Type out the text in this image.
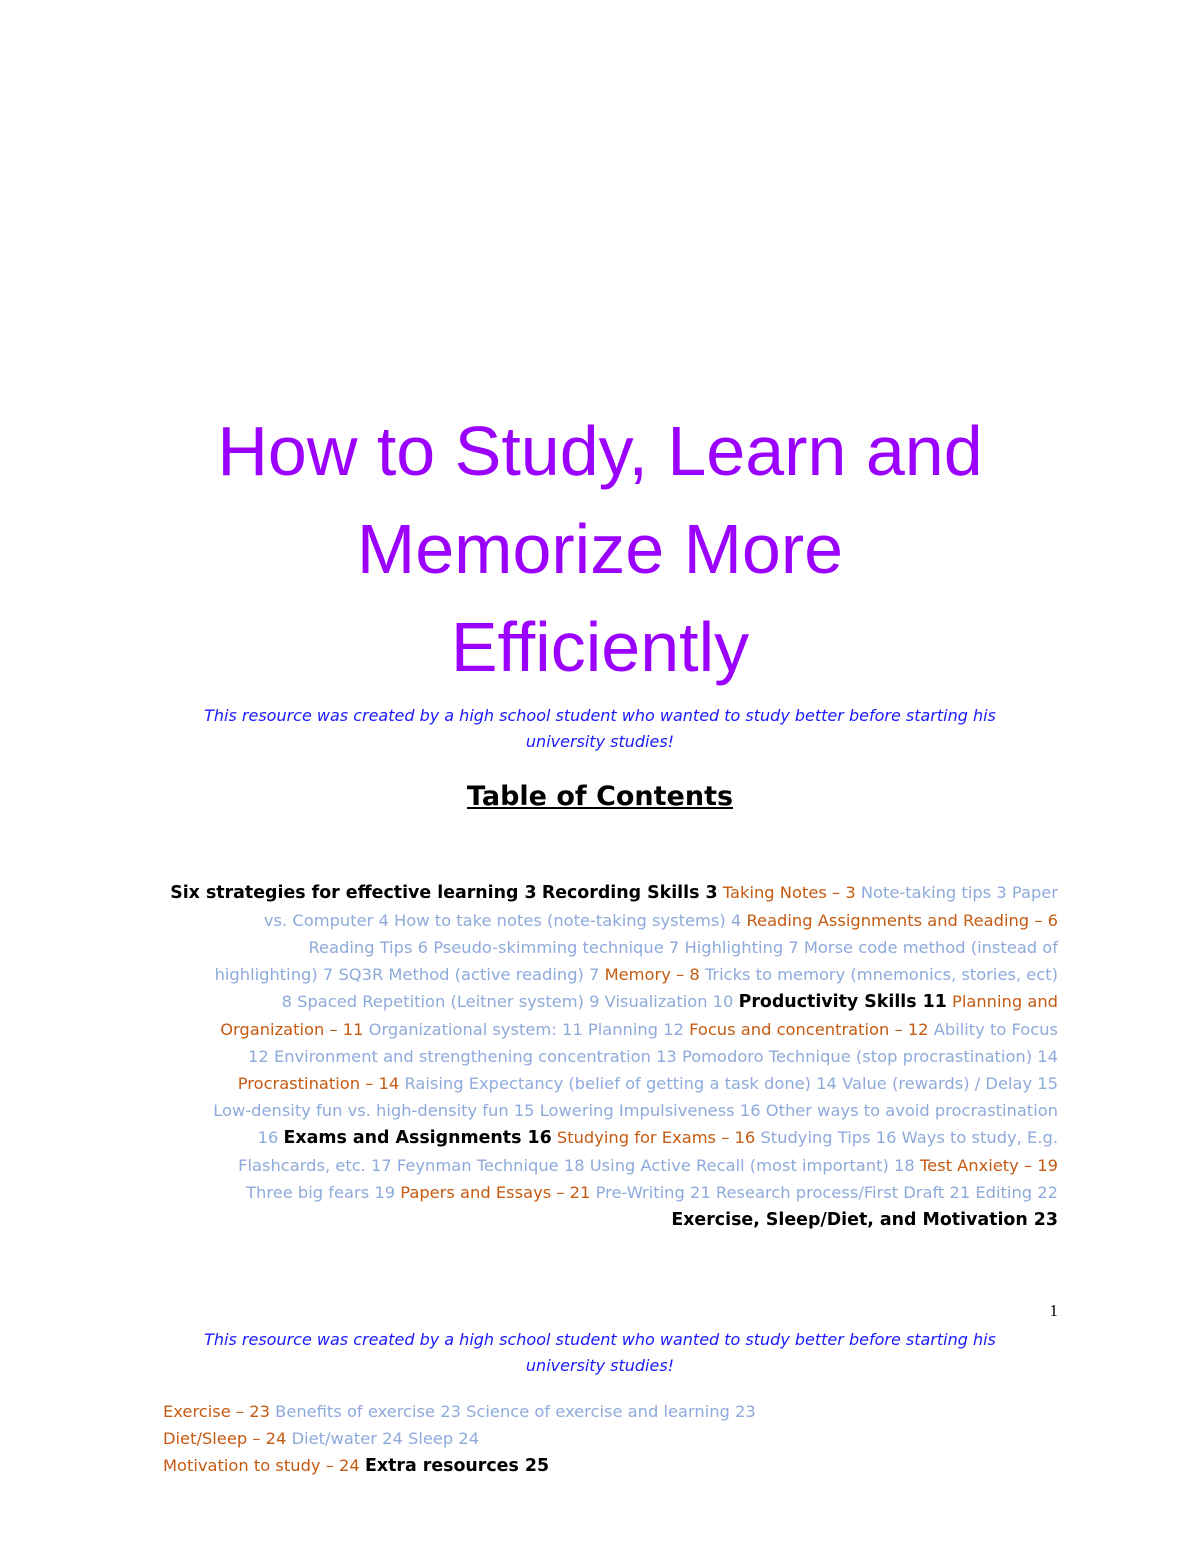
How to Study, Learn and
Memorize More
Efficiently

This resource was created by a high school student who wanted to study better before starting his
university studies!

Table of Contents
Six strategies for effective learning 3 Recording Skills 3 Taking Notes – 3 Note-taking tips 3 Paper
vs. Computer 4 How to take notes (note-taking systems) 4 Reading Assignments and Reading – 6
Reading Tips 6 Pseudo-skimming technique 7 Highlighting 7 Morse code method (instead of
highlighting) 7 SQ3R Method (active reading) 7 Memory – 8 Tricks to memory (mnemonics, stories, ect)
8 Spaced Repetition (Leitner system) 9 Visualization 10 Productivity Skills 11 Planning and
Organization – 11 Organizational system: 11 Planning 12 Focus and concentration – 12 Ability to Focus
12 Environment and strengthening concentration 13 Pomodoro Technique (stop procrastination) 14
Procrastination – 14 Raising Expectancy (belief of getting a task done) 14 Value (rewards) / Delay 15
Low-density fun vs. high-density fun 15 Lowering Impulsiveness 16 Other ways to avoid procrastination
16 Exams and Assignments 16 Studying for Exams – 16 Studying Tips 16 Ways to study, E.g.
Flashcards, etc. 17 Feynman Technique 18 Using Active Recall (most important) 18 Test Anxiety – 19
Three big fears 19 Papers and Essays – 21 Pre-Writing 21 Research process/First Draft 21 Editing 22
Exercise, Sleep/Diet, and Motivation 23
1

This resource was created by a high school student who wanted to study better before starting his
university studies!

Exercise – 23 Benefits of exercise 23 Science of exercise and learning 23
Diet/Sleep – 24 Diet/water 24 Sleep 24
Motivation to study – 24 Extra resources 25
